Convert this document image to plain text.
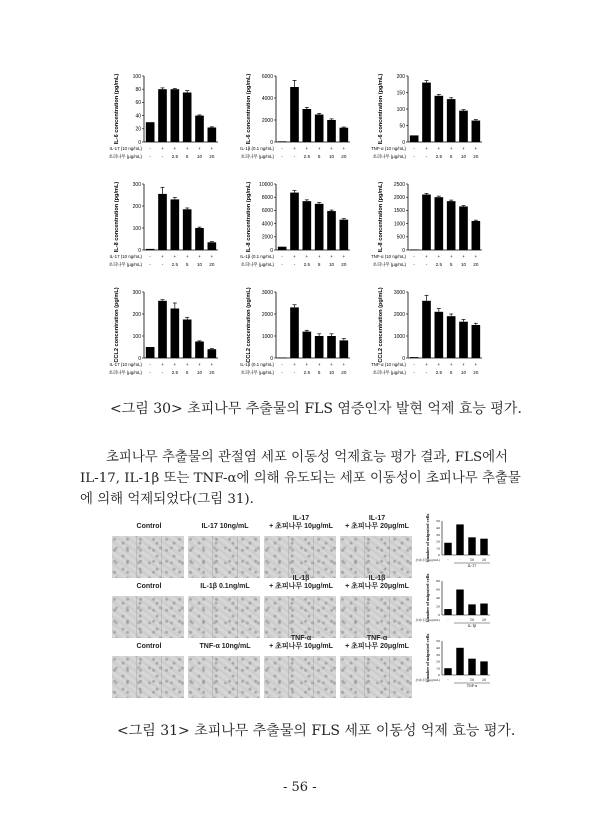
IL-6 concentration (pg/mL)	0
20
40
60
80
100
IL-17 (10 ng/mL)
초피나무 (μg/mL)
- + + + + +
- - 2.5 5 10 20
IL-6 concentration (pg/mL)	0
2000
4000
6000
IL-1β (0.1 ng/mL)
초피나무 (μg/mL)
- + + + + +
- - 2.5 5 10 20
IL-6 concentration (pg/mL)	0
50
100
150
200
TNF-α (10 ng/mL)
초피나무 (μg/mL)
- + + + + +
- - 2.5 5 10 20
IL-8 concentration (pg/mL)	0
100
200
300
IL-17 (10 ng/mL)
초피나무 (μg/mL)
- + + + + +
- - 2.5 5 10 20
IL-8 concentration (pg/mL)	0
2000
4000
6000
8000
10000
IL-1β (0.1 ng/mL)
초피나무 (μg/mL)
- + + + + +
- - 2.5 5 10 20
IL-8 concentration (pg/mL)	0
500
1000
1500
2000
2500
TNF-α (10 ng/mL)
초피나무 (μg/mL)
- + + + + +
- - 2.5 5 10 20
CCL2 concentration (pg/mL)	0
100
200
300
IL-17 (10 ng/mL)
초피나무 (μg/mL)
- + + + + +
- - 2.5 5 10 20
CCL2 concentration (pg/mL)	0
1000
2000
3000
IL-1β (0.1 ng/mL)
초피나무 (μg/mL)
- + + + + +
- - 2.5 5 10 20
CCL2 concentration (pg/mL)	0
1000
2000
3000
TNF-α (10 ng/mL)
초피나무 (μg/mL)
- + + + + +
- - 2.5 5 10 20
<그림 30> 초피나무 추출물의 FLS 염증인자 발현 억제 효능 평가.
초피나무 추출물의 관절염 세포 이동성 억제효능 평가 결과, FLS에서
IL-17, IL-1β 또는 TNF-α에 의해 유도되는 세포 이동성이 초피나무 추출물
에 의해 억제되었다(그림 31).
Control	IL-17 10ng/mL
IL-17
+ 초피나무 10μg/mL
IL-17
+ 초피나무 20μg/mL
Control	IL-1β 0.1ng/mL
IL-1β
+ 초피나무 10μg/mL
IL-1β
+ 초피나무 20μg/mL
Control	TNF-α 10ng/mL
TNF-α
+ 초피나무 10μg/mL
TNF-α
+ 초피나무 20μg/mL
Number of migrated cells	0
10
20
30
40
50
초피나무 (μg/mL) -	-	10 20
IL-17
Number of migrated cells	0
20
40
60
80
초피나무 (μg/mL) -	-	10 20
IL-1β
Number of migrated cells	0
10
20
30
40
50
초피나무 (μg/mL) -	-	10 20
TNF-α
<그림 31> 초피나무 추출물의 FLS 세포 이동성 억제 효능 평가.
- 56 -
